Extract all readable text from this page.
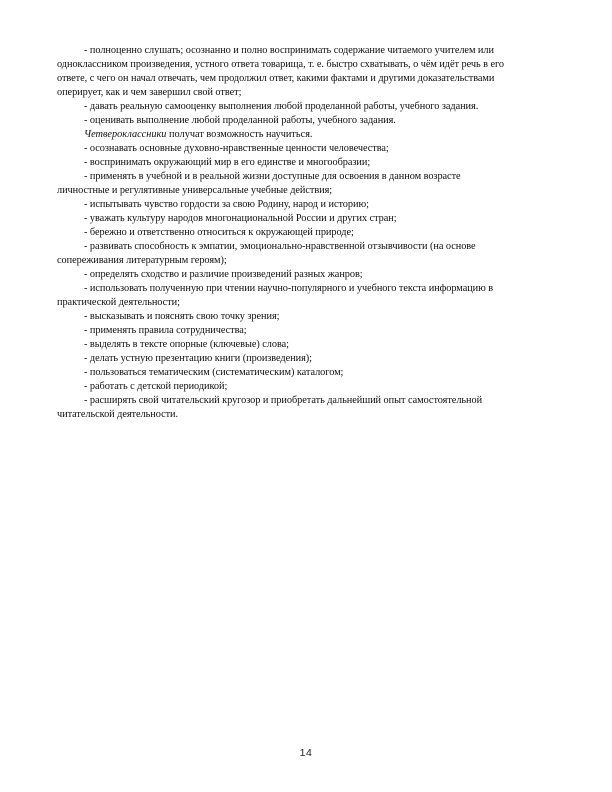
- полноценно слушать; осознанно и полно воспринимать содержание читаемого учителем или одноклассником произведения, устного ответа товарища, т. е. быстро схватывать, о чём идёт речь в его ответе, с чего он начал отвечать, чем продолжил ответ, какими фактами и другими доказательствами оперирует, как и чем завершил свой ответ;

- давать реальную самооценку выполнения любой проделанной работы, учебного задания.

- оценивать выполнение любой проделанной работы, учебного задания.

Четвероклассники получат возможность научиться.

- осознавать основные духовно-нравственные ценности человечества;

- воспринимать окружающий мир в его единстве и многообразии;

- применять в учебной и в реальной жизни доступные для освоения в данном возрасте личностные и регулятивные универсальные учебные действия;

- испытывать чувство гордости за свою Родину, народ и историю;

- уважать культуру народов многонациональной России и других стран;

- бережно и ответственно относиться к окружающей природе;

- развивать способность к эмпатии, эмоционально-нравственной отзывчивости (на основе сопереживания литературным героям);

- определять сходство и различие произведений разных жанров;

- использовать полученную при чтении научно-популярного и учебного текста информацию в практической деятельности;

- высказывать и пояснять свою точку зрения;

- применять правила сотрудничества;

- выделять в тексте опорные (ключевые) слова;

- делать устную презентацию книги (произведения);

- пользоваться тематическим (систематическим) каталогом;

- работать с детской периодикой;

- расширять свой читательский кругозор и приобретать дальнейший опыт самостоятельной читательской деятельности.

14
